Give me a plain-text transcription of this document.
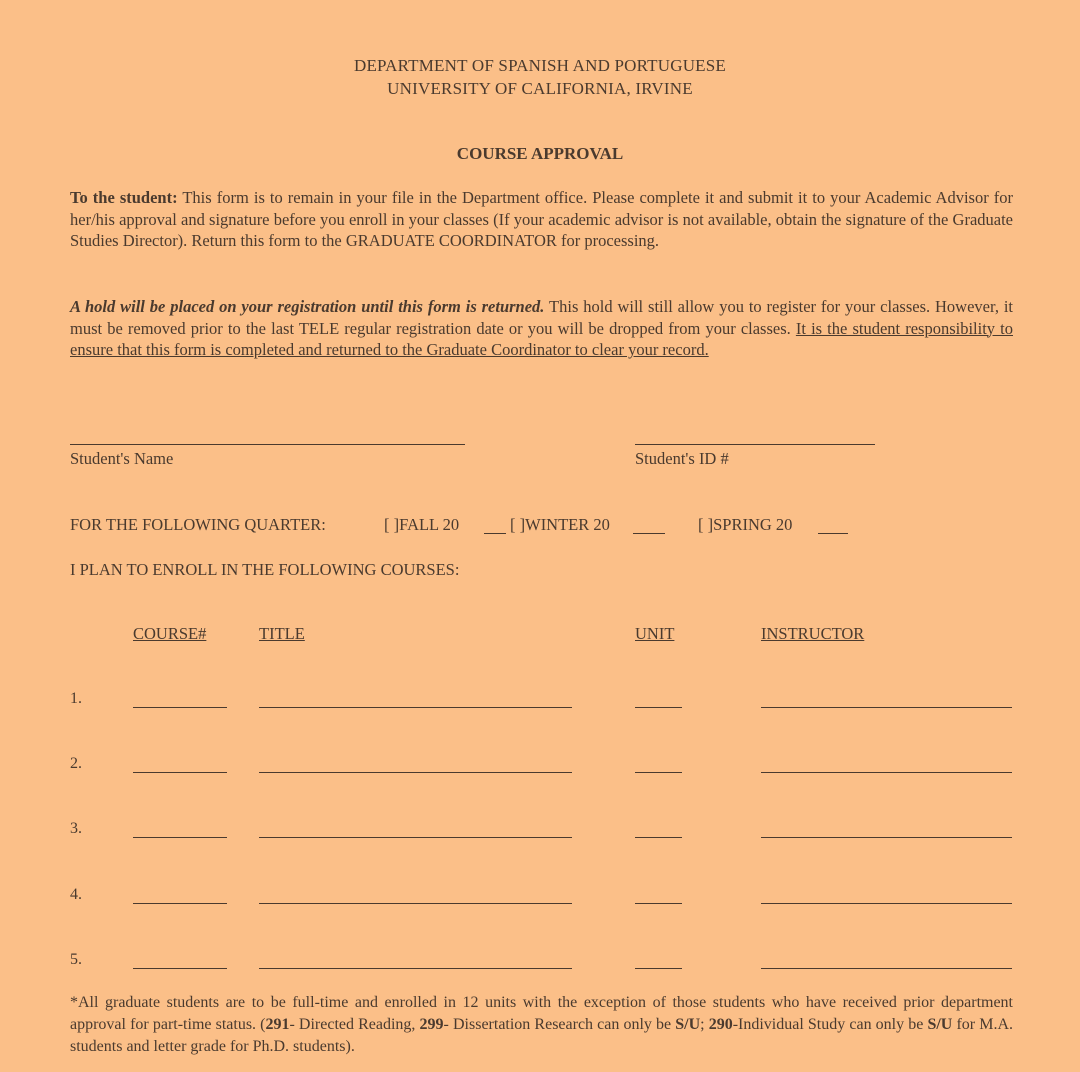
DEPARTMENT OF SPANISH AND PORTUGUESE
UNIVERSITY OF CALIFORNIA, IRVINE
COURSE APPROVAL
To the student: This form is to remain in your file in the Department office. Please complete it and submit it to your Academic Advisor for her/his approval and signature before you enroll in your classes (If your academic advisor is not available, obtain the signature of the Graduate Studies Director). Return this form to the GRADUATE COORDINATOR for processing.
A hold will be placed on your registration until this form is returned. This hold will still allow you to register for your classes. However, it must be removed prior to the last TELE regular registration date or you will be dropped from your classes. It is the student responsibility to ensure that this form is completed and returned to the Graduate Coordinator to clear your record.
Student's Name	Student's ID #
FOR THE FOLLOWING QUARTER:	[ ]FALL 20	[ ]WINTER 20	[ ]SPRING 20
I PLAN TO ENROLL IN THE FOLLOWING COURSES:
COURSE#	TITLE	UNIT	INSTRUCTOR
1.
2.
3.
4.
5.
*All graduate students are to be full-time and enrolled in 12 units with the exception of those students who have received prior department approval for part-time status. (291- Directed Reading, 299- Dissertation Research can only be S/U; 290-Individual Study can only be S/U for M.A. students and letter grade for Ph.D. students).
